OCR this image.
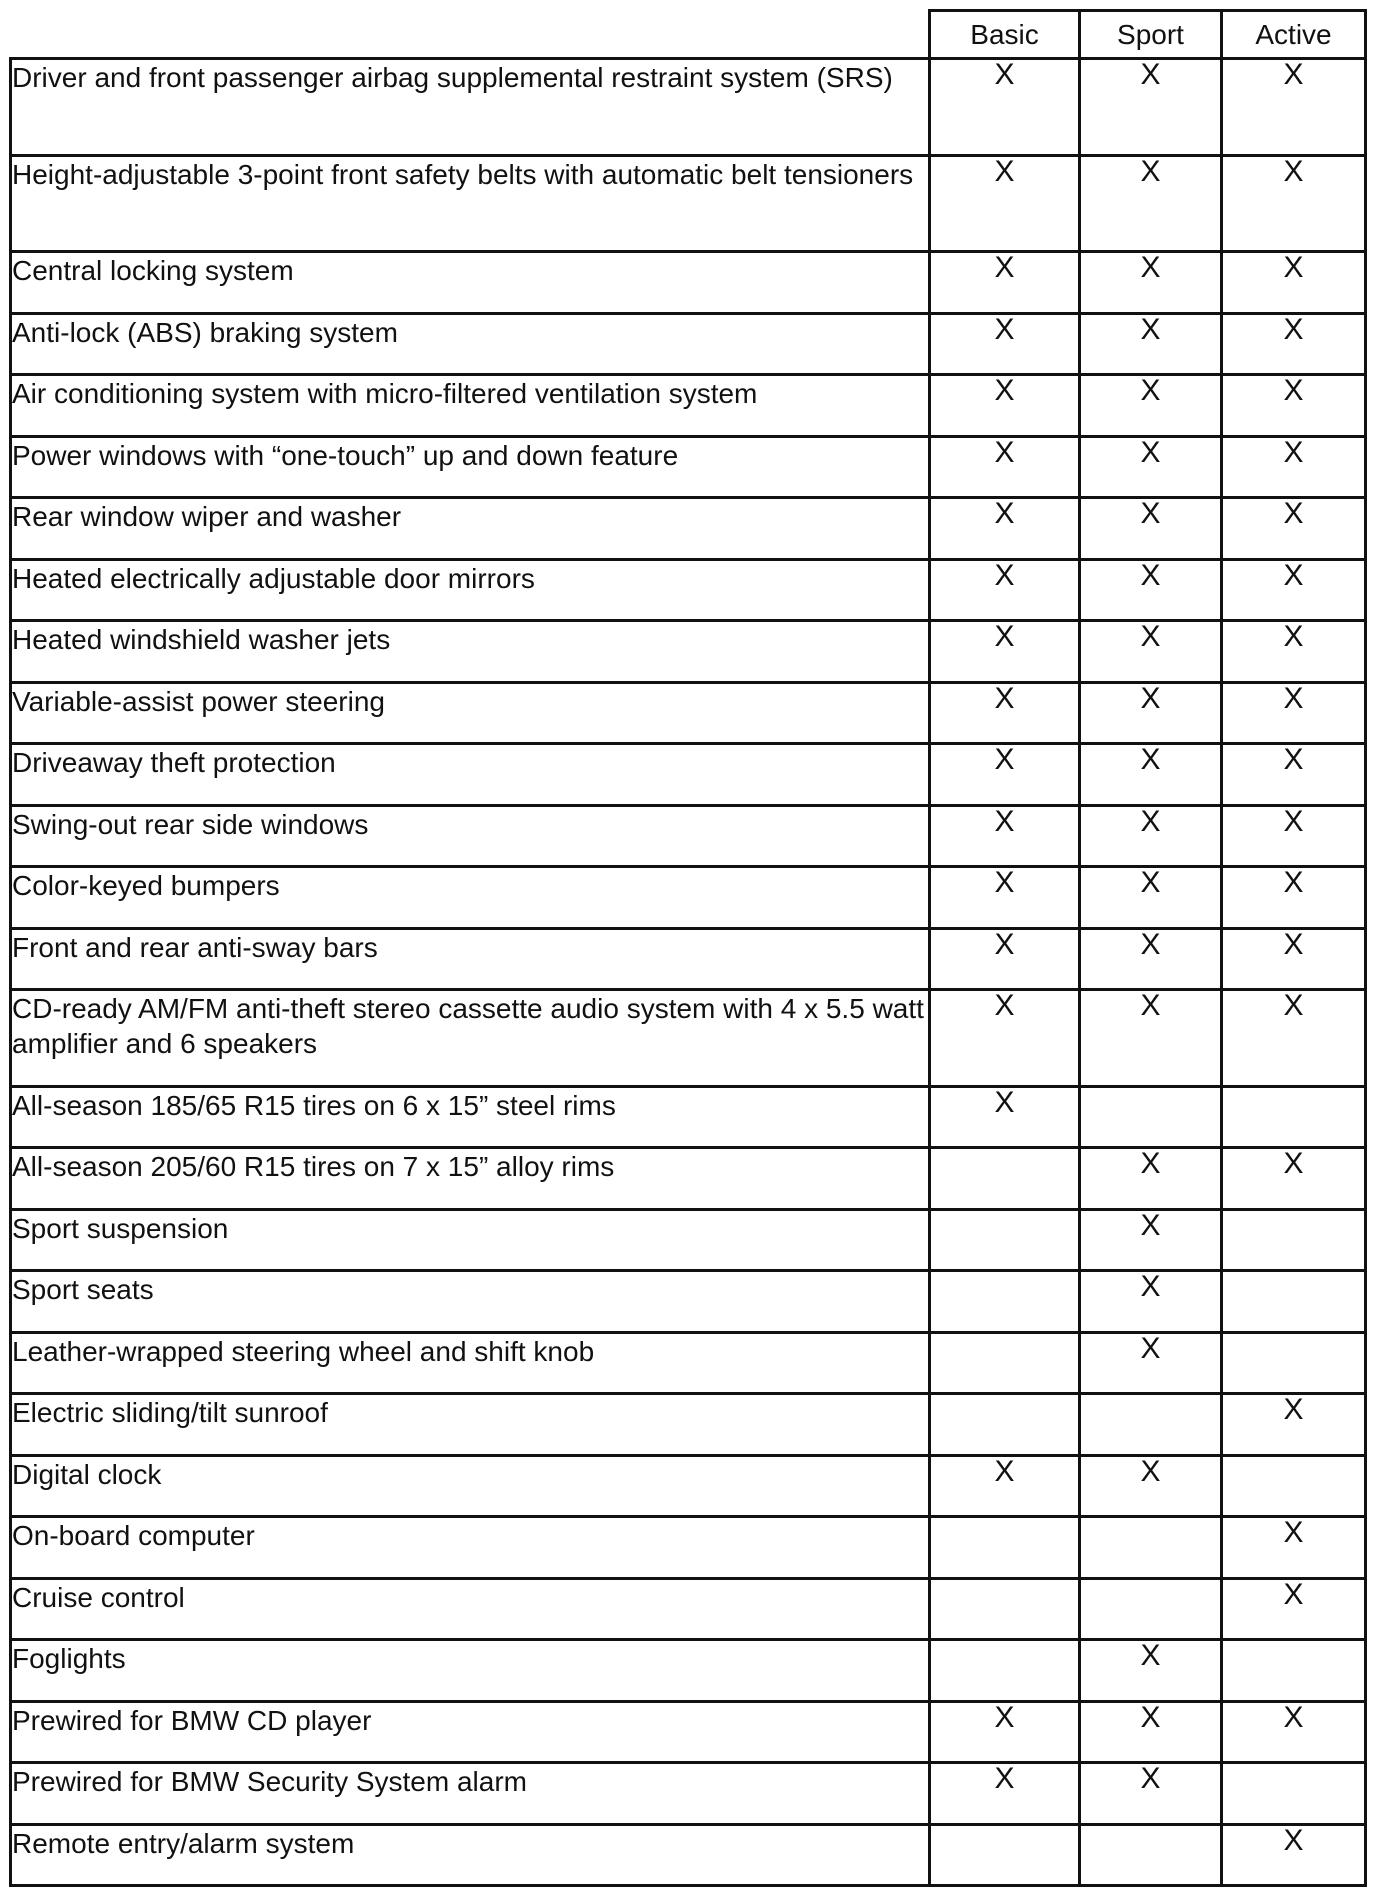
	Basic	Sport	Active
Driver and front passenger airbag supplemental restraint system (SRS)	X	X	X
Height-adjustable 3-point front safety belts with automatic belt tensioners	X	X	X
Central locking system	X	X	X
Anti-lock (ABS) braking system	X	X	X
Air conditioning system with micro-filtered ventilation system	X	X	X
Power windows with “one-touch” up and down feature	X	X	X
Rear window wiper and washer	X	X	X
Heated electrically adjustable door mirrors	X	X	X
Heated windshield washer jets	X	X	X
Variable-assist power steering	X	X	X
Driveaway theft protection	X	X	X
Swing-out rear side windows	X	X	X
Color-keyed bumpers	X	X	X
Front and rear anti-sway bars	X	X	X
CD-ready AM/FM anti-theft stereo cassette audio system with 4 x 5.5 watt amplifier and 6 speakers	X	X	X
All-season 185/65 R15 tires on 6 x 15” steel rims	X		
All-season 205/60 R15 tires on 7 x 15” alloy rims		X	X
Sport suspension		X	
Sport seats		X	
Leather-wrapped steering wheel and shift knob		X	
Electric sliding/tilt sunroof			X
Digital clock	X	X	
On-board computer			X
Cruise control			X
Foglights		X	
Prewired for BMW CD player	X	X	X
Prewired for BMW Security System alarm	X	X	
Remote entry/alarm system			X
